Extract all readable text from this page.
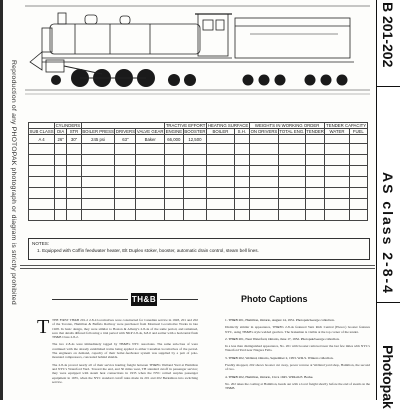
Reproduction of any PHOTOPAK photograph or diagram is strictly prohibited
		CYLINDERS					TRACTIVE EFFORT		HEATING SURFACE		WEIGHTS IN WORKING ORDER			TENDER CAPACITY	
SUB CLASS	DIA	STR	BOILER PRESS	DRIVERS	VALVE GEAR	ENGINE	BOOSTER	BOILER	S.H.	ON DRIVERS	TOTAL ENG.	TENDER	WATER	FUEL
A 4	26"	30"	245 psi	63"	Baker	66,000	12,500							

NOTES:
1. Equipped with Coffin feedwater heater, Elt Duplex stoker, booster, automatic drain control, steam bell lines.
TH&B	Photo Captions
T THE FIRST TH&B 201-2 2-8-4 locomotives were constructed for Canadian service in 1928, 201 and 202 of the Toronto, Hamilton & Buffalo Railway were purchased from Montreal Locomotive Works in late 1928. In basic design, they were similar to Boston & Albany's 2-8-4s of the same period, and remained, save that details differed following a trial period with NKP 2-8-4s, 6-8-0 and earlier with a horizontal flash TH&B Class 2-8-2.

The two 2-8-4s were immediately tagged by TH&B's NYC associates. The same sub-class of were continued with the already established trains being applied to either Canadian locomotives of the period. The engineers on demand, capacity of their boiler-feedwater system was supplied by a pair of pole-mounted compressors, concealed behind shields.

The 2-8-4s proved nearly all of their service hauling freight between TH&B's Welland Yard at Hamilton and NYC's Waterford Yard. Toward the end, and 30 miles west, TH standard cutoff in passenger service; they were equipped with steam heat connections in 1935 when the NYC retired surplus passenger equipment in 1935, when the NYC standard cutoff rules made its 201 and 202 Berkshires into switching service.

1. TH&B 201, Hamilton, Ontario, August 14, 1951. Photopak/George collection.

Distinctly similar in appearance, TH&B's 2-8-4s featured Vern Rich Central (Elesco) booster features NYC, using TH&B's style welded gearbox. The brakeman is visible at the top corner of the tender.

2. TH&B 201, Near Waterford, Ontario, June 17, 1952. Photopak/George collection.

In a less than distinguished appearance, No. 201 with booster removed near the last few miles with NYC's Waterford Yard near Niagara Falls.

3. TH&B 202, Welland, Ontario, September 2, 1953. W.R.S. Winters collection.

Freshly shopped, 202 shows booster cut away, power reverse at Welland yard shop, Hamilton, the second of two.

4. TH&B 202, Hamilton, Ontario, Circa 1945. William E. Borke.

No. 202 takes the coaling at Hamilton, heads out with a local freight shortly before the end of steam on the TH&B.

B 201-202
AS class 2-8-4
Photopak
